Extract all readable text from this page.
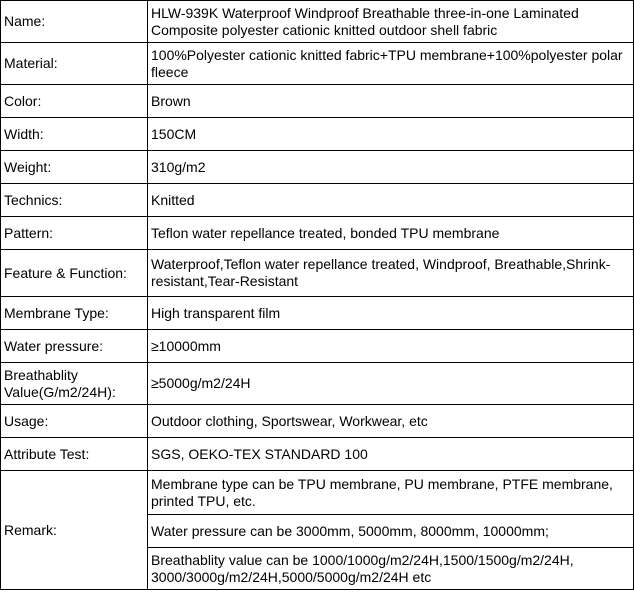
Name:	HLW-939K Waterproof Windproof Breathable three-in-one Laminated Composite polyester cationic knitted outdoor shell fabric
Material:	100%Polyester cationic knitted fabric+TPU membrane+100%polyester polar fleece
Color:	Brown
Width:	150CM
Weight:	310g/m2
Technics:	Knitted
Pattern:	Teflon water repellance treated, bonded TPU membrane
Feature & Function:	Waterproof,Teflon water repellance treated, Windproof, Breathable,Shrink-resistant,Tear-Resistant
Membrane Type:	High transparent film
Water pressure:	≥10000mm
Breathablity Value(G/m2/24H):	≥5000g/m2/24H
Usage:	Outdoor clothing, Sportswear, Workwear, etc
Attribute Test:	SGS, OEKO-TEX STANDARD 100
Remark:	Membrane type can be TPU membrane, PU membrane, PTFE membrane, printed TPU, etc.
	Water pressure can be 3000mm, 5000mm, 8000mm, 10000mm;
	Breathablity value can be 1000/1000g/m2/24H,1500/1500g/m2/24H, 3000/3000g/m2/24H,5000/5000g/m2/24H etc
